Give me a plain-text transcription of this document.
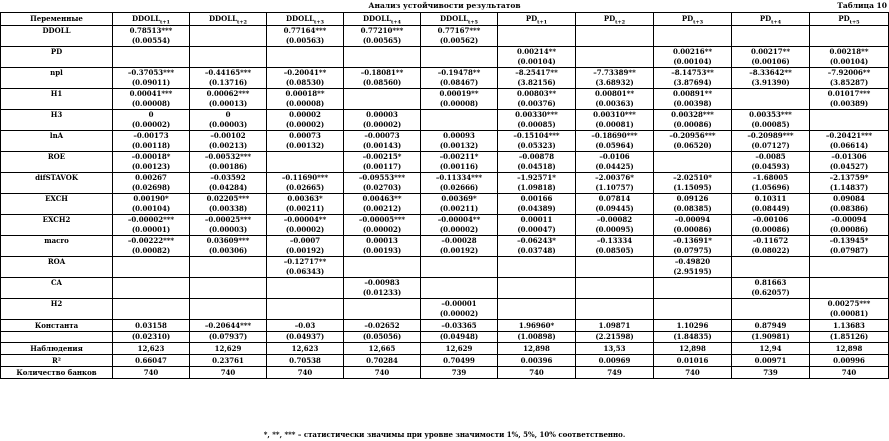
Анализ устойчивости результатов	Таблица 10
Переменные	$DDOLL_{t+1}$	$DDOLL_{t+2}$	$DDOLL_{t+3}$	$DDOLL_{t+4}$	$DDOLL_{t+5}$	$PD_{t+1}$	$PD_{t+2}$	$PD_{t+3}$	$PD_{t+4}$	$PD_{t+5}$
DDOLL	0.78513***		0.77164***	0.77210***	0.77167***					
	(0.00554)		(0.00563)	(0.00565)	(0.00562)					
PD						0.00214**		0.00216**	0.00217**	0.00218**
						(0.00104)		(0.00104)	(0.00106)	(0.00104)
npl	–0.37053***	–0.44165***	–0.20041**	–0.18081**	–0.19478**	–8.25417**	–7.73389**	–8.14753**	–8.33642**	–7.92006**
	(0.09011)	(0.13716)	(0.08530)	(0.08560)	(0.08467)	(3.82156)	(3.68932)	(3.87694)	(3.91390)	(3.85287)
H1	0.00041***	0.00062***	0.00018**		0.00019**	0.00803**	0.00801**	0.00891**		0.01017***
	(0.00008)	(0.00013)	(0.00008)		(0.00008)	(0.00376)	(0.00363)	(0.00398)		(0.00389)
H3	0	0	0.00002	0.00003		0.00330***	0.00310***	0.00328***	0.00353***	
	(0.00002)	(0.00003)	(0.00002)	(0.00002)		(0.00085)	(0.00081)	(0.00086)	(0.00085)	
lnA	–0.00173	–0.00102	0.00073	–0.00073	0.00093	–0.15104***	–0.18690***	–0.20956***	–0.20989***	–0.20421***
	(0.00118)	(0.00213)	(0.00132)	(0.00143)	(0.00132)	(0.05323)	(0.05964)	(0.06520)	(0.07127)	(0.06614)
ROE	–0.00018*	–0.00532***		–0.00215*	–0.00211*	–0.00878	–0.0106		–0.0085	–0.01306
	(0.00123)	(0.00186)		(0.00117)	(0.00116)	(0.04518)	(0.04425)		(0.04593)	(0.04527)
difSTAVOK	0.00267	–0.03592	–0.11690***	–0.09553***	–0.11334***	–1.92571*	–2.00376*	–2.02510*	–1.68005	–2.13759*
	(0.02698)	(0.04284)	(0.02665)	(0.02703)	(0.02666)	(1.09818)	(1.10757)	(1.15095)	(1.05696)	(1.14837)
EXCH	0.00190*	0.02205***	0.00363*	0.00463**	0.00369*	0.00166	0.07814	0.09126	0.10311	0.09084
	(0.00104)	(0.00338)	(0.00211)	(0.00212)	(0.00211)	(0.04389)	(0.09445)	(0.08385)	(0.08449)	(0.08386)
EXCH2	–0.00002***	–0.00025***	–0.00004**	–0.00005***	–0.00004**	0.00011	–0.00082	–0.00094	–0.00106	–0.00094
	(0.00001)	(0.00003)	(0.00002)	(0.00002)	(0.00002)	(0.00047)	(0.00095)	(0.00086)	(0.00086)	(0.00086)
macro	–0.00222***	0.03609***	–0.0007	0.00013	–0.00028	–0.06243*	–0.13334	–0.13691*	–0.11672	–0.13945*
	(0.00082)	(0.00306)	(0.00192)	(0.00193)	(0.00192)	(0.03748)	(0.08505)	(0.07975)	(0.08022)	(0.07987)
ROA			–0.12717**					–0.49820		
			(0.06343)					(2.95195)		
CA				–0.00983					0.81663	
				(0.01233)					(0.62057)	
H2					–0.00001					0.00275***
					(0.00002)					(0.00081)
Константа	0.03158	–0.20644***	–0.03	–0.02652	–0.03365	1.96960*	1.09871	1.10296	0.87949	1.13683
	(0.02310)	(0.07937)	(0.04937)	(0.05056)	(0.04948)	(1.00898)	(2.21598)	(1.84835)	(1.90981)	(1.85126)
Наблюдения	12,623	12,629	12,623	12,665	12,629	12,898	13,53	12,898	12,94	12,898
R²	0.66047	0.23761	0.70538	0.70284	0.70499	0.00396	0.00969	0.01016	0.00971	0.00996
Количество банков	740	740	740	740	739	740	749	740	739	740
*, **, *** – статистически значимы при уровне значимости 1%, 5%, 10% соответственно.
